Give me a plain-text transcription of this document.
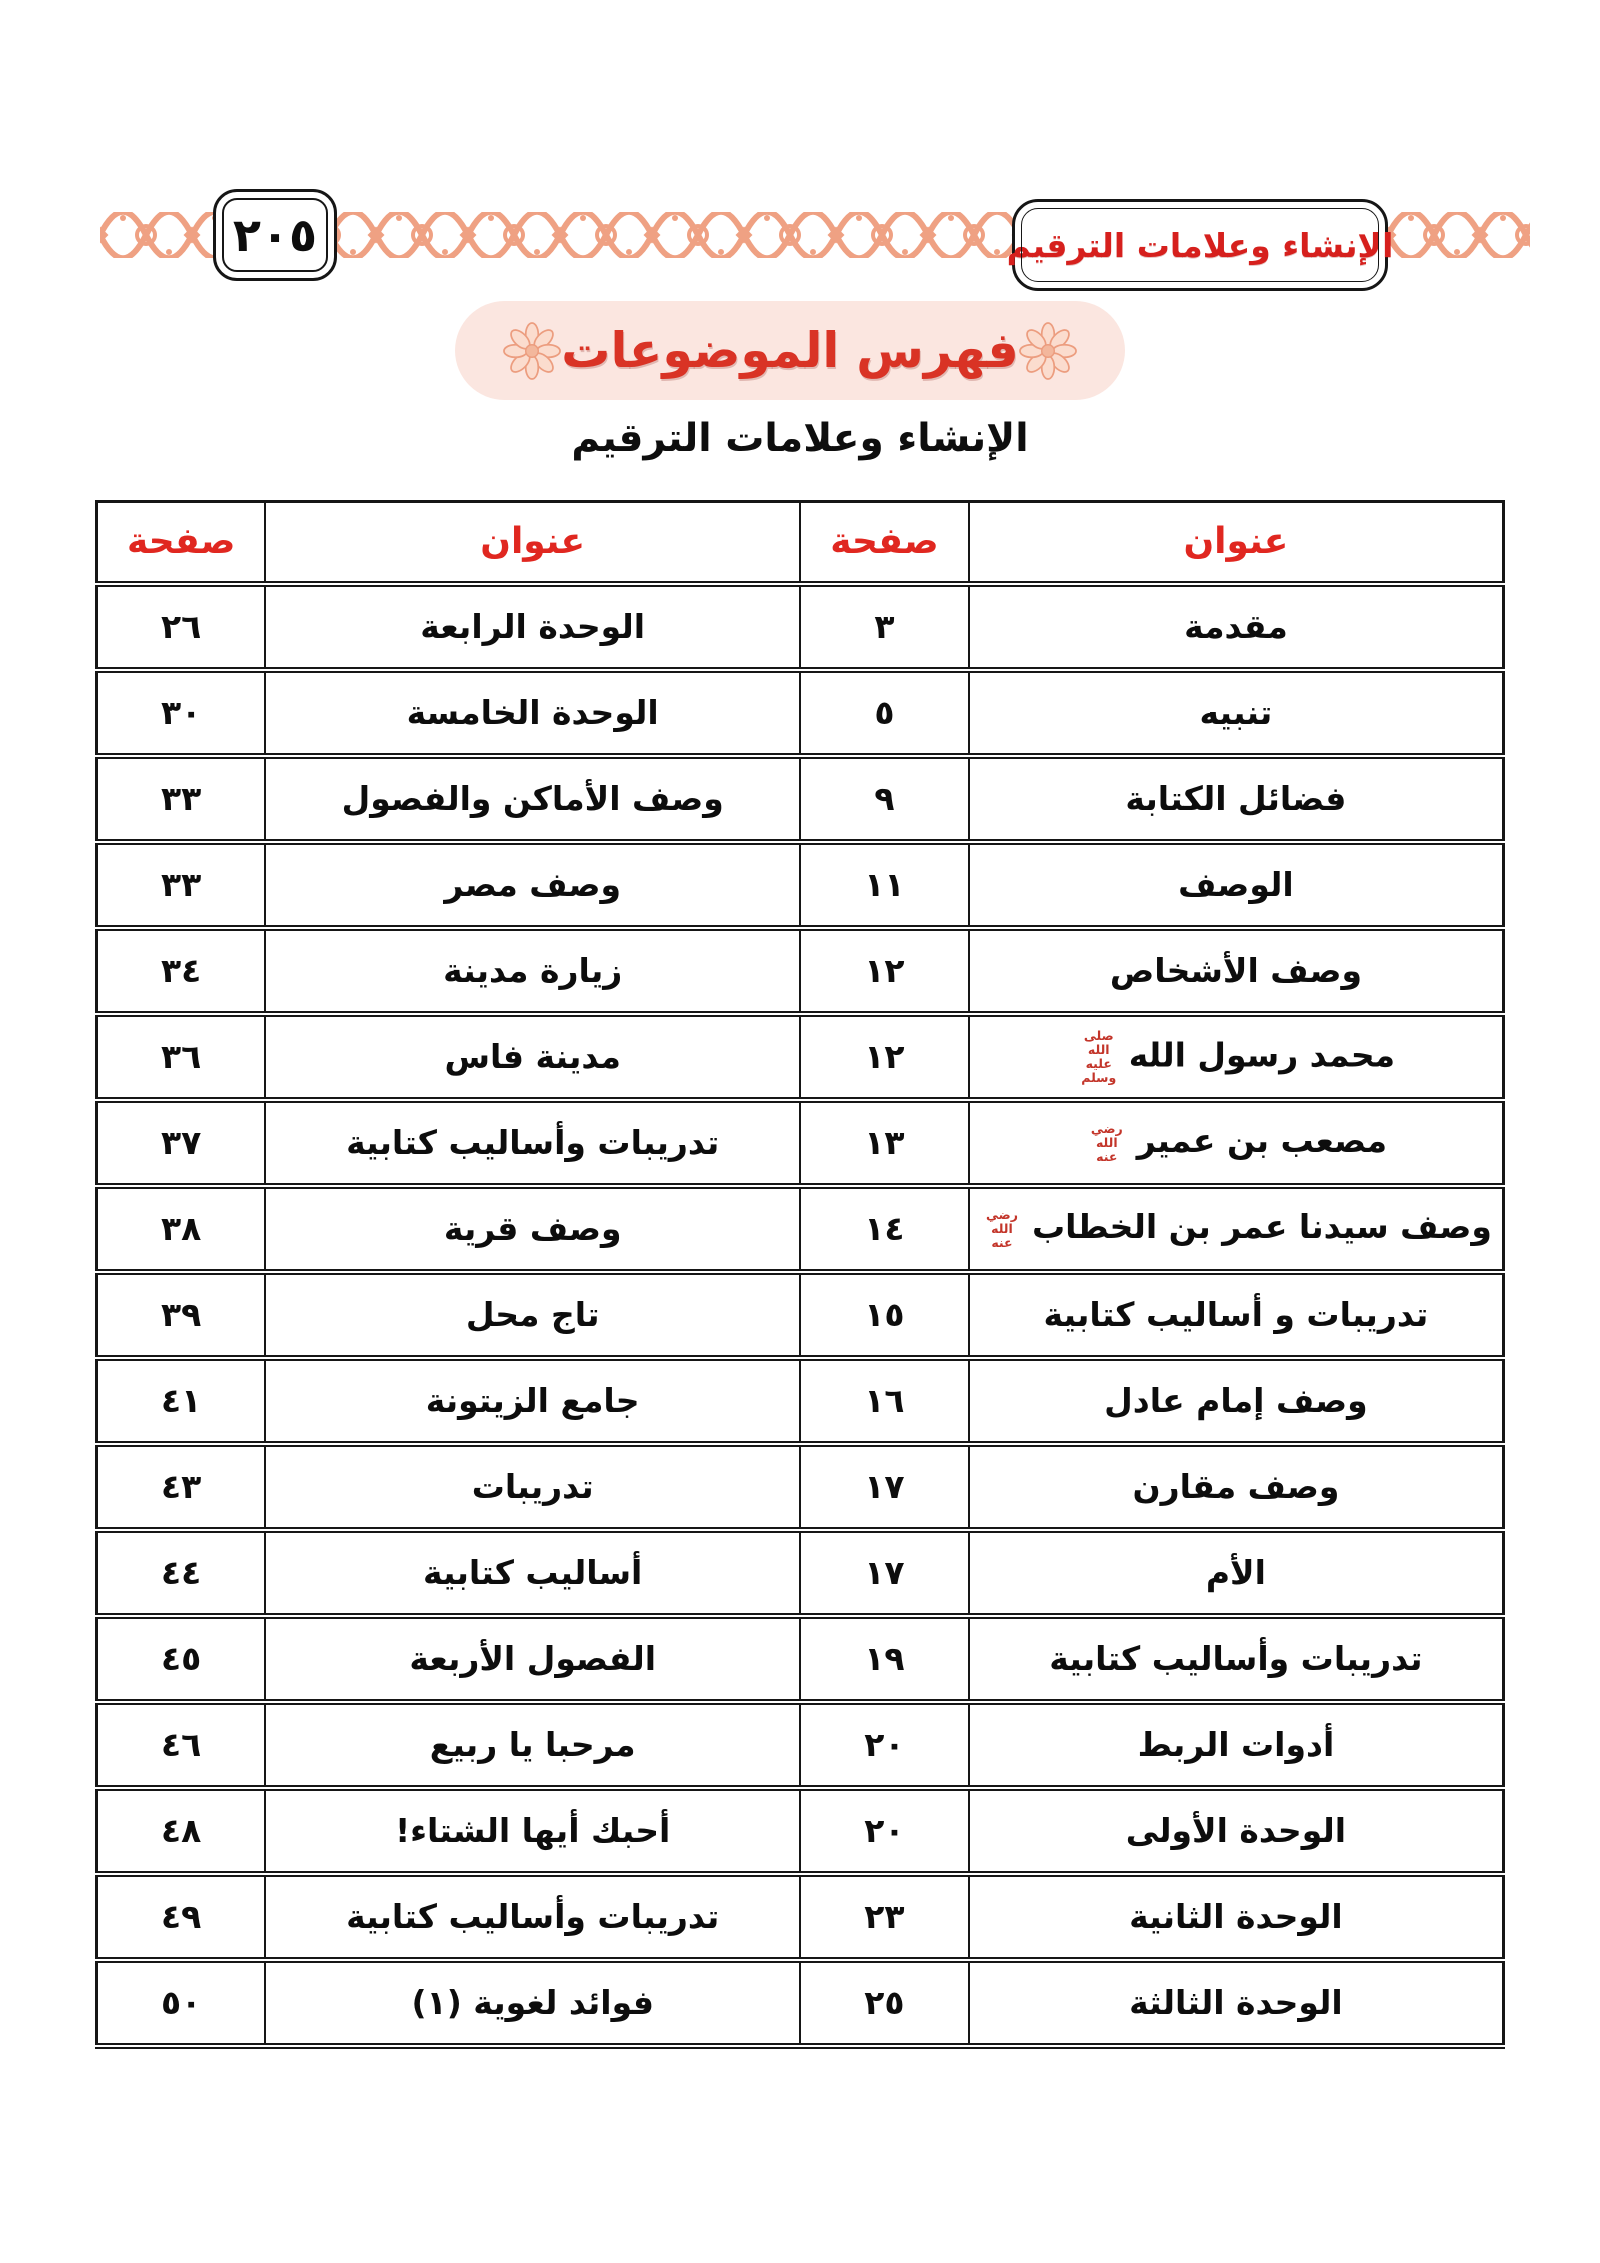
٢٠٥	الإنشاء وعلامات الترقيم
فهرس الموضوعات
الإنشاء وعلامات الترقيم
عنوان	صفحة	عنوان	صفحة
مقدمة	٣	الوحدة الرابعة	٢٦
تنبيه	٥	الوحدة الخامسة	٣٠
فضائل الكتابة	٩	وصف الأماكن والفصول	٣٣
الوصف	١١	وصف مصر	٣٣
وصف الأشخاص	١٢	زيارة مدينة	٣٤
محمد رسول اللهصلى الله عليه وسلم	١٢	مدينة فاس	٣٦
مصعب بن عميررضي الله عنه	١٣	تدريبات وأساليب كتابية	٣٧
وصف سيدنا عمر بن الخطابرضي الله عنه	١٤	وصف قرية	٣٨
تدريبات و أساليب كتابية	١٥	تاج محل	٣٩
وصف إمام عادل	١٦	جامع الزيتونة	٤١
وصف مقارن	١٧	تدريبات	٤٣
الأم	١٧	أساليب كتابية	٤٤
تدريبات وأساليب كتابية	١٩	الفصول الأربعة	٤٥
أدوات الربط	٢٠	مرحبا يا ربيع	٤٦
الوحدة الأولى	٢٠	أحبك أيها الشتاء!	٤٨
الوحدة الثانية	٢٣	تدريبات وأساليب كتابية	٤٩
الوحدة الثالثة	٢٥	فوائد لغوية (١)	٥٠
